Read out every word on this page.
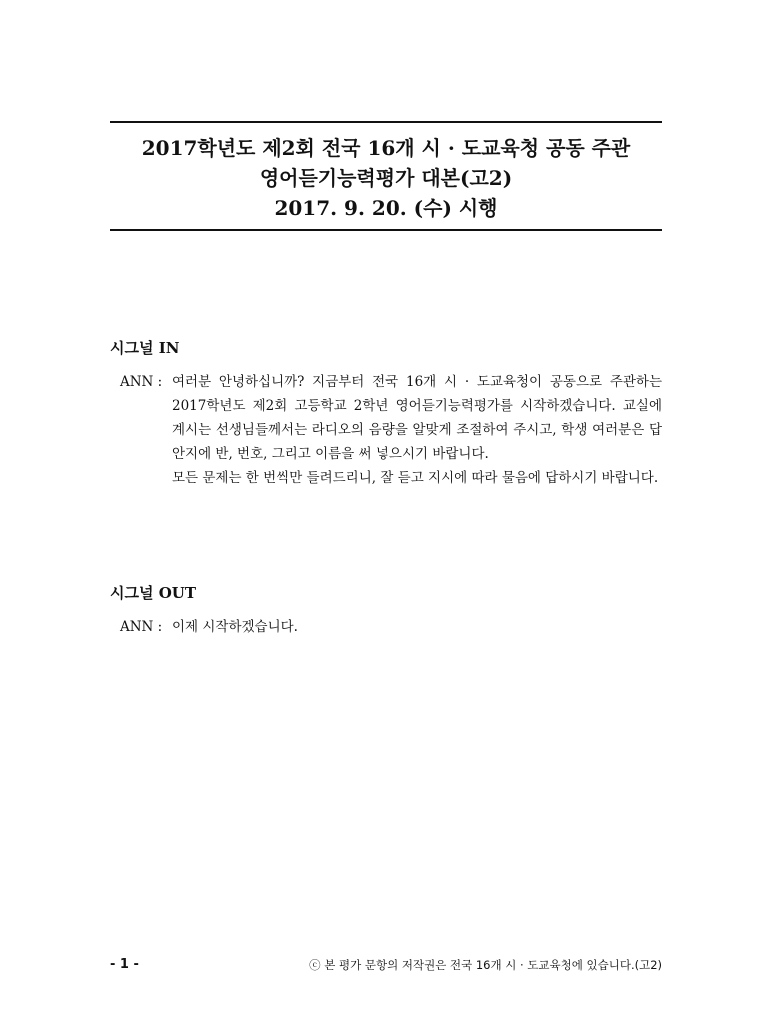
2017학년도 제2회 전국 16개 시 · 도교육청 공동 주관
영어듣기능력평가 대본(고2)
2017. 9. 20. (수) 시행
시그널 IN
ANN : 여러분 안녕하십니까? 지금부터 전국 16개 시 · 도교육청이 공동으로 주관하는 2017학년도 제2회 고등학교 2학년 영어듣기능력평가를 시작하겠습니다. 교실에 계시는 선생님들께서는 라디오의 음량을 알맞게 조절하여 주시고, 학생 여러분은 답안지에 반, 번호, 그리고 이름을 써 넣으시기 바랍니다.

모든 문제는 한 번씩만 들려드리니, 잘 듣고 지시에 따라 물음에 답하시기 바랍니다.

시그널 OUT
ANN : 이제 시작하겠습니다.

- 1 -	ⓒ 본 평가 문항의 저작권은 전국 16개 시 · 도교육청에 있습니다.(고2)
